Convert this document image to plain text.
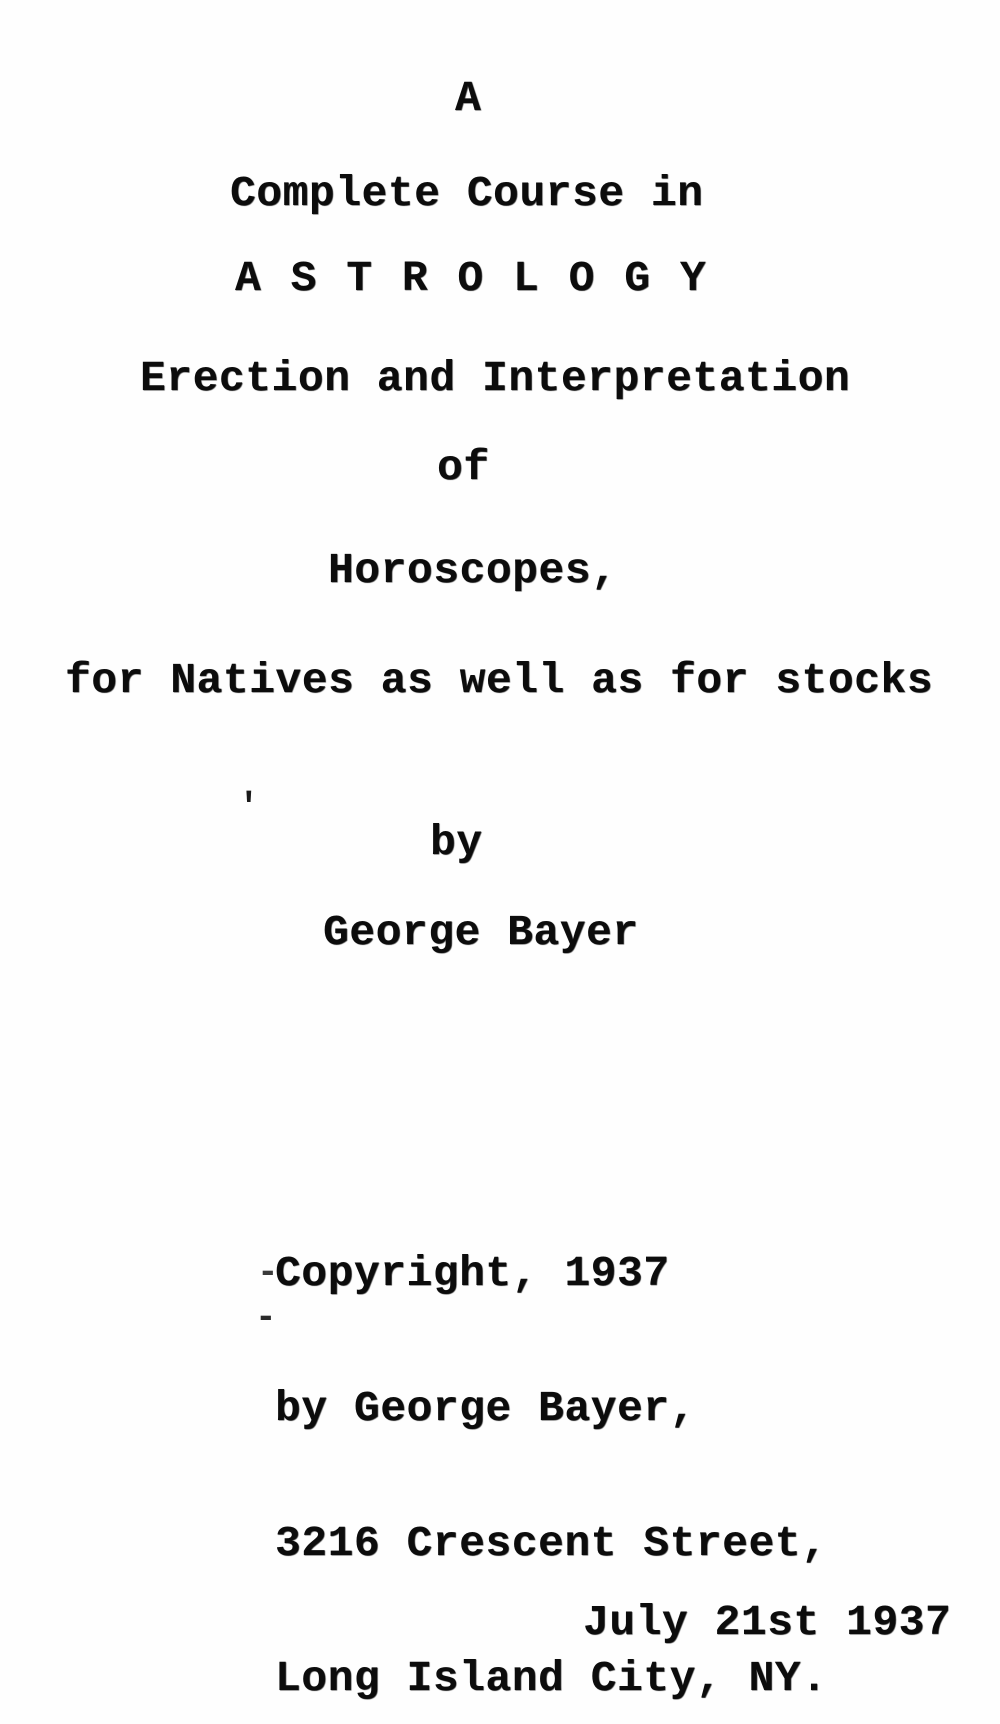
A
Complete Course in
A S T R O L O G Y
Erection and Interpretation
of
Horoscopes,
for Natives as well as for stocks
'
by
George Bayer

Copyright, 1937

by George Bayer,

3216 Crescent Street,

Long Island City, NY.

-
-
July 21st 1937
